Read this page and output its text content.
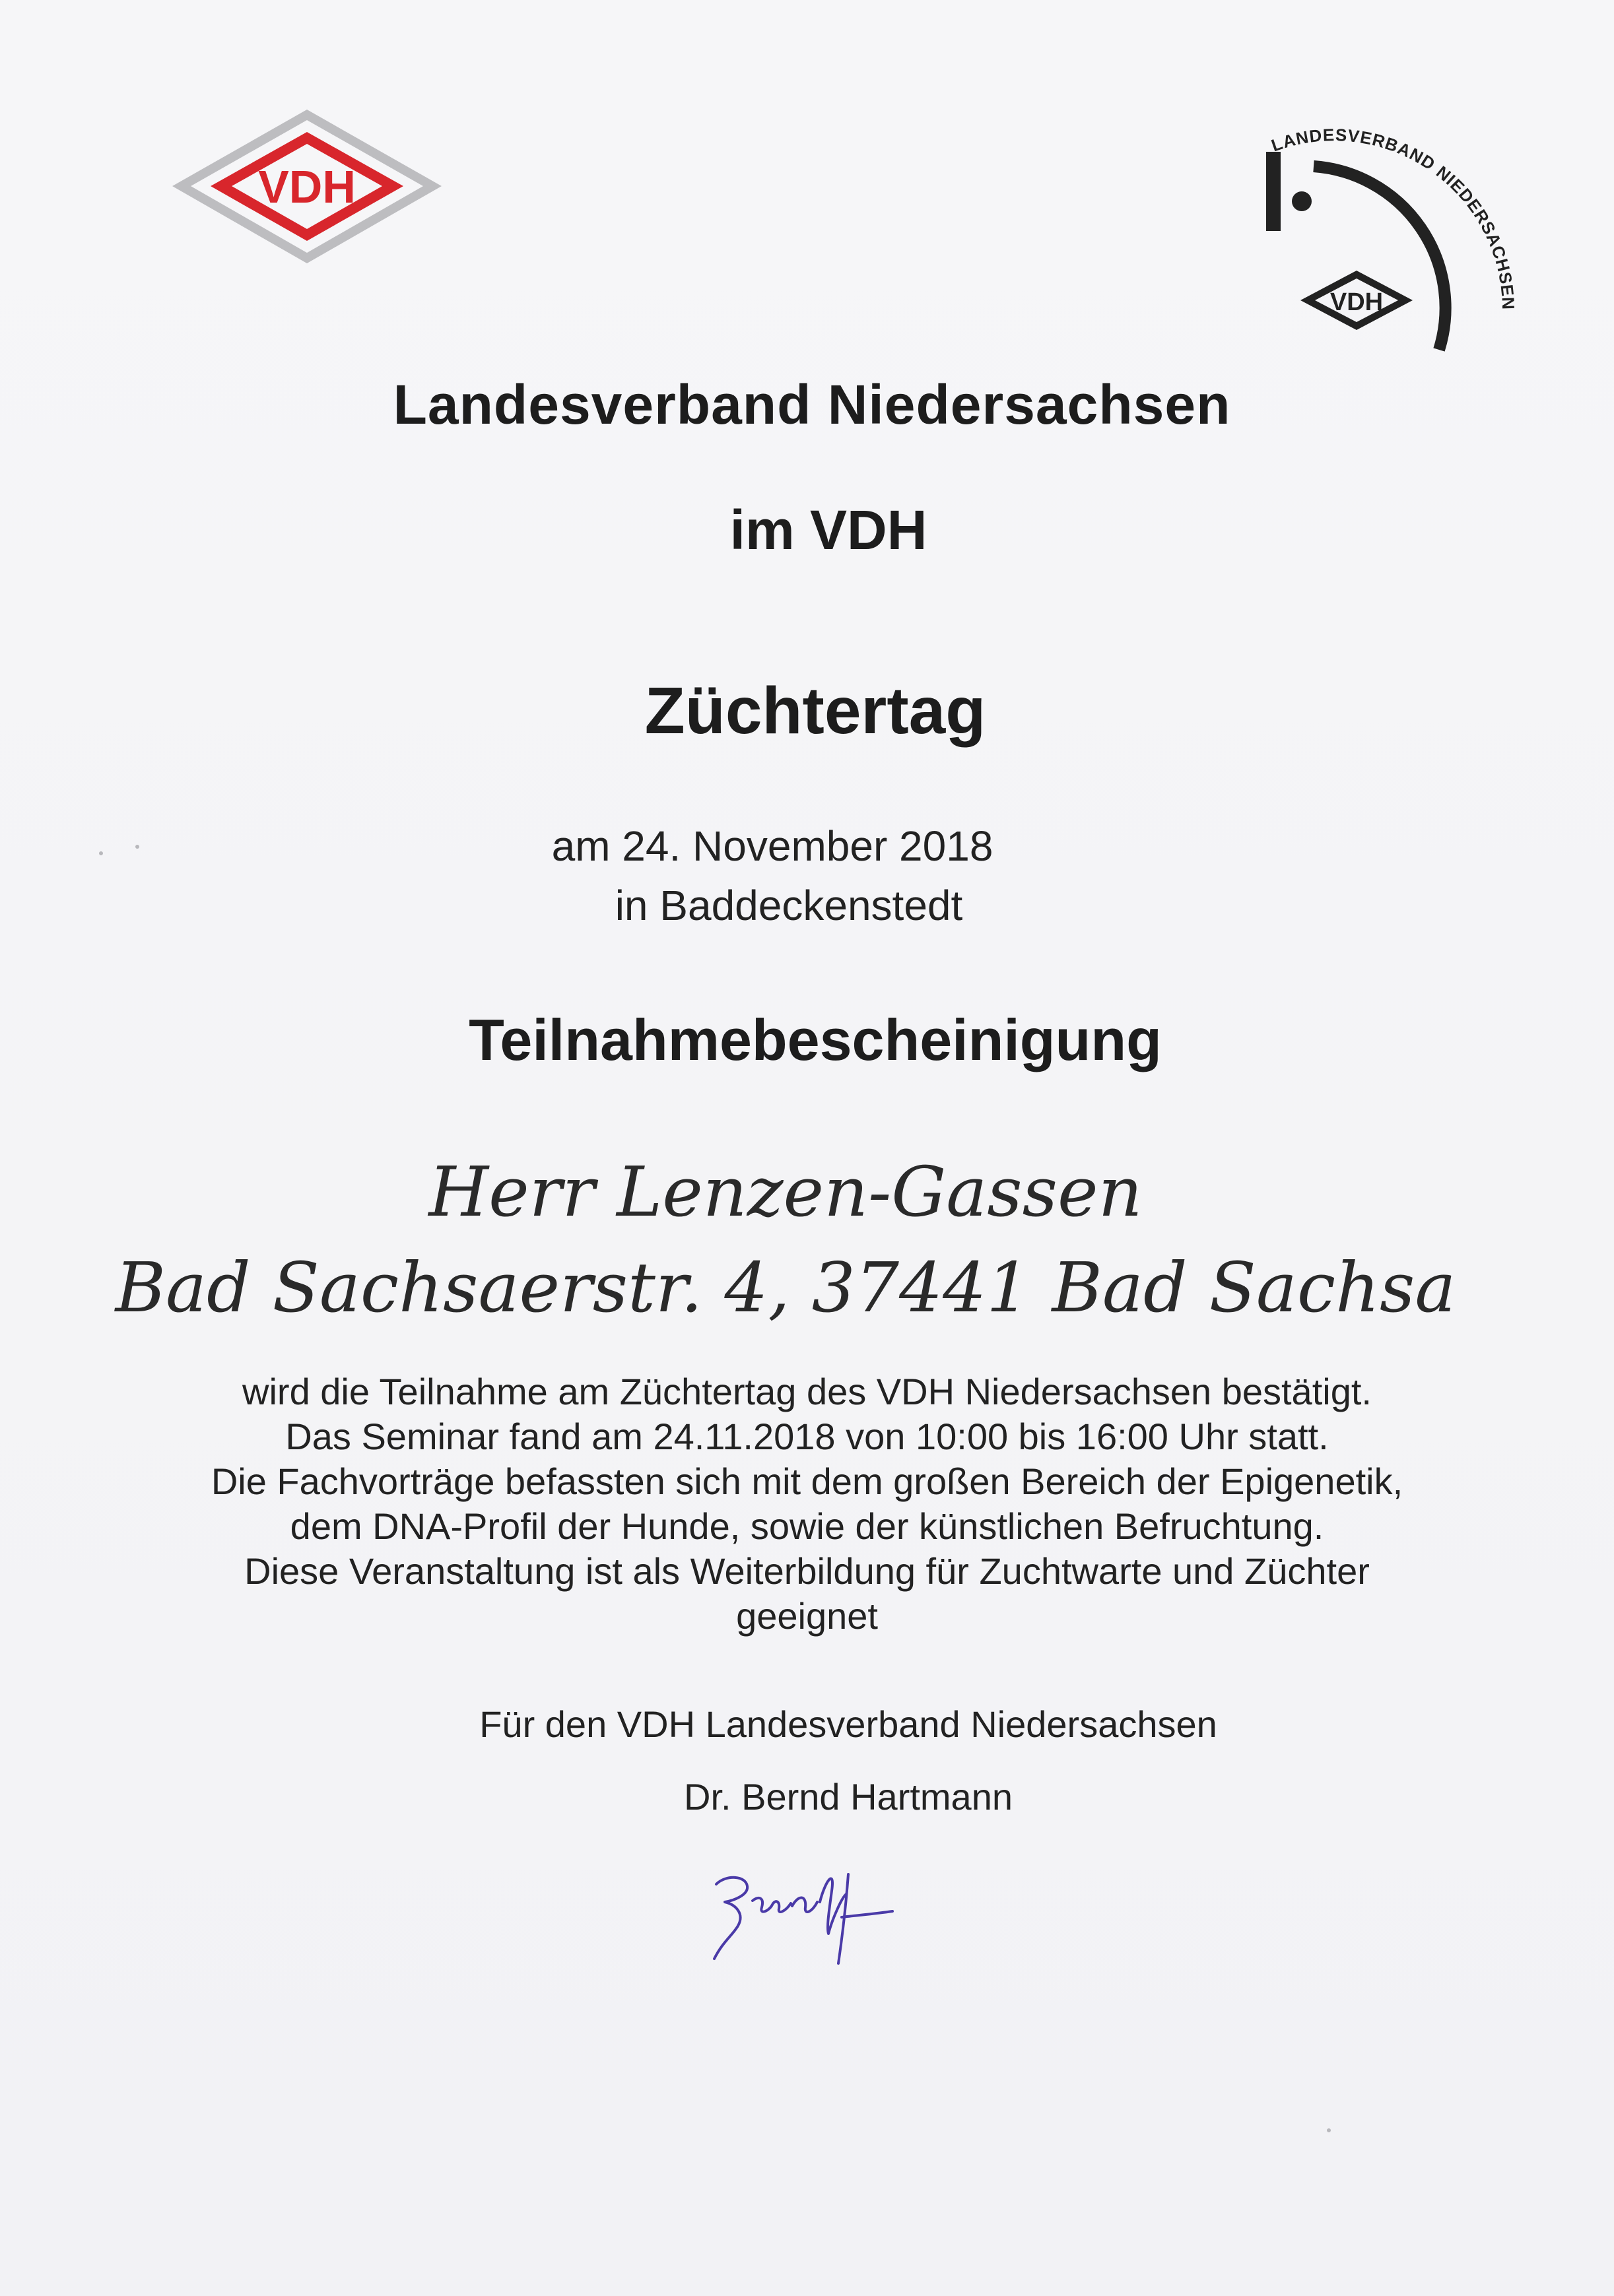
VDH
LANDESVERBAND NIEDERSACHSEN
VDH
Landesverband Niedersachsen
im VDH
Züchtertag
am 24. November 2018
in Baddeckenstedt
Teilnahmebescheinigung
Herr Lenzen-Gassen
Bad Sachsaerstr. 4, 37441 Bad Sachsa
wird die Teilnahme am Züchtertag des VDH Niedersachsen bestätigt.
Das Seminar fand am 24.11.2018 von 10:00 bis 16:00 Uhr statt.
Die Fachvorträge befassten sich mit dem großen Bereich der Epigenetik,
dem DNA-Profil der Hunde, sowie der künstlichen Befruchtung.
Diese Veranstaltung ist als Weiterbildung für Zuchtwarte und Züchter
geeignet
Für den VDH Landesverband Niedersachsen
Dr. Bernd Hartmann
